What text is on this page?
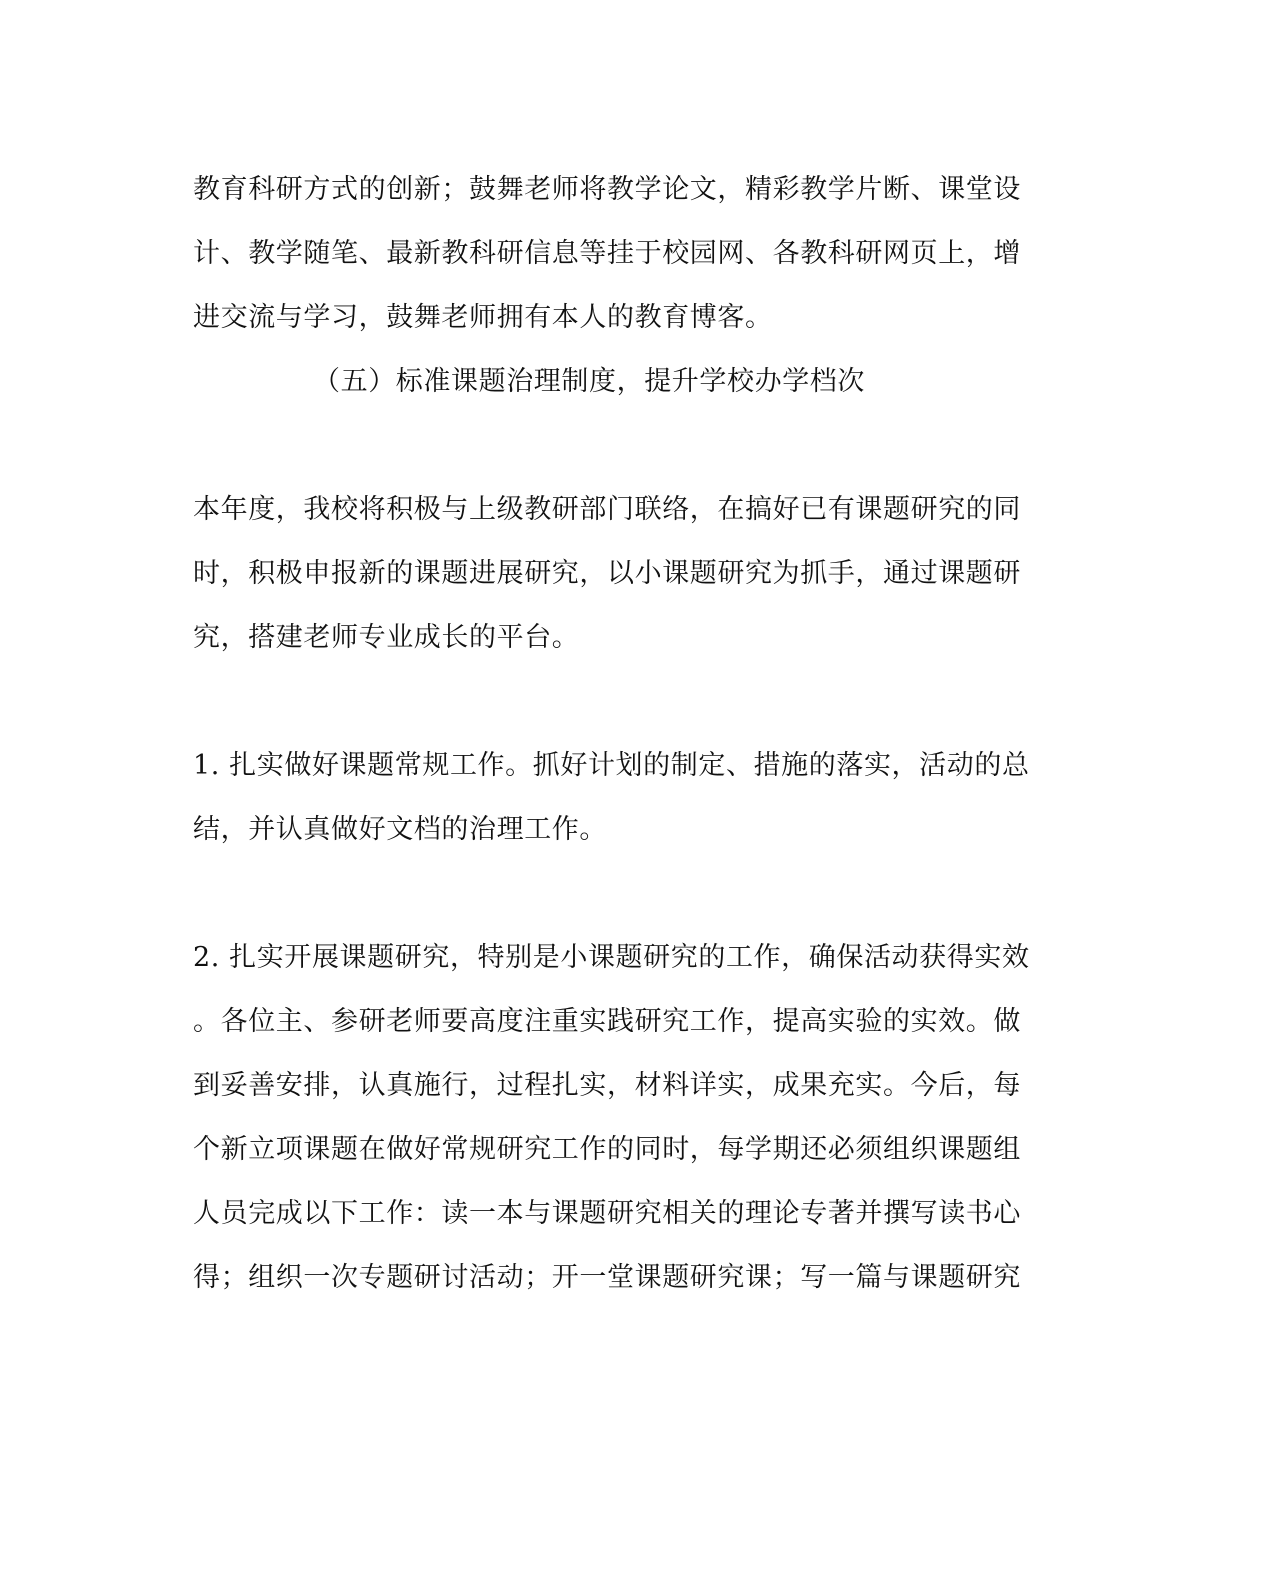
教育科研方式的创新；鼓舞老师将教学论文，精彩教学片断、课堂设
计、教学随笔、最新教科研信息等挂于校园网、各教科研网页上，增
进交流与学习，鼓舞老师拥有本人的教育博客。
（五）标准课题治理制度，提升学校办学档次
本年度，我校将积极与上级教研部门联络，在搞好已有课题研究的同
时，积极申报新的课题进展研究，以小课题研究为抓手，通过课题研
究，搭建老师专业成长的平台。
1. 扎实做好课题常规工作。抓好计划的制定、措施的落实，活动的总
结，并认真做好文档的治理工作。
2. 扎实开展课题研究，特别是小课题研究的工作，确保活动获得实效
。各位主、参研老师要高度注重实践研究工作，提高实验的实效。做
到妥善安排，认真施行，过程扎实，材料详实，成果充实。今后，每
个新立项课题在做好常规研究工作的同时，每学期还必须组织课题组
人员完成以下工作：读一本与课题研究相关的理论专著并撰写读书心
得；组织一次专题研讨活动；开一堂课题研究课；写一篇与课题研究
